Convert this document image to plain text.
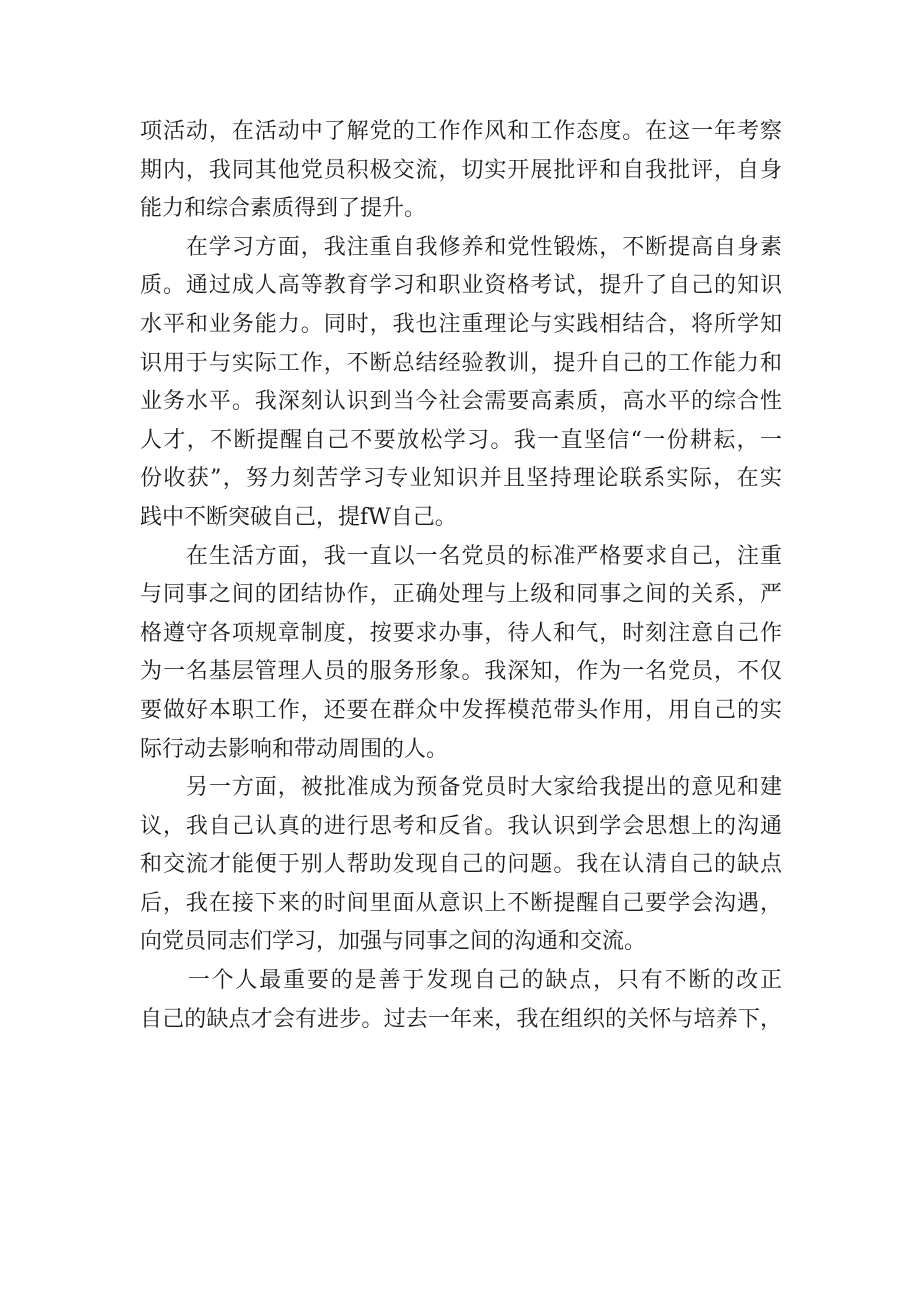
项活动，在活动中了解党的工作作风和工作态度。在这一年考察
期内，我同其他党员积极交流，切实开展批评和自我批评，自身
能力和综合素质得到了提升。
　　在学习方面，我注重自我修养和党性锻炼，不断提高自身素
质。通过成人高等教育学习和职业资格考试，提升了自己的知识
水平和业务能力。同时，我也注重理论与实践相结合，将所学知
识用于与实际工作，不断总结经验教训，提升自己的工作能力和
业务水平。我深刻认识到当今社会需要高素质，高水平的综合性
人才，不断提醒自己不要放松学习。我一直坚信“一份耕耘，一
份收获”，努力刻苦学习专业知识并且坚持理论联系实际，在实
践中不断突破自己，提fW自己。
　　在生活方面，我一直以一名党员的标准严格要求自己，注重
与同事之间的团结协作，正确处理与上级和同事之间的关系，严
格遵守各项规章制度，按要求办事，待人和气，时刻注意自己作
为一名基层管理人员的服务形象。我深知，作为一名党员，不仅
要做好本职工作，还要在群众中发挥模范带头作用，用自己的实
际行动去影响和带动周围的人。
　　另一方面，被批准成为预备党员时大家给我提出的意见和建
议，我自己认真的进行思考和反省。我认识到学会思想上的沟通
和交流才能便于别人帮助发现自己的问题。我在认清自己的缺点
后，我在接下来的时间里面从意识上不断提醒自己要学会沟遇，
向党员同志们学习，加强与同事之间的沟通和交流。
　　一个人最重要的是善于发现自己的缺点，只有不断的改正
自己的缺点才会有进步。过去一年来，我在组织的关怀与培养下，
